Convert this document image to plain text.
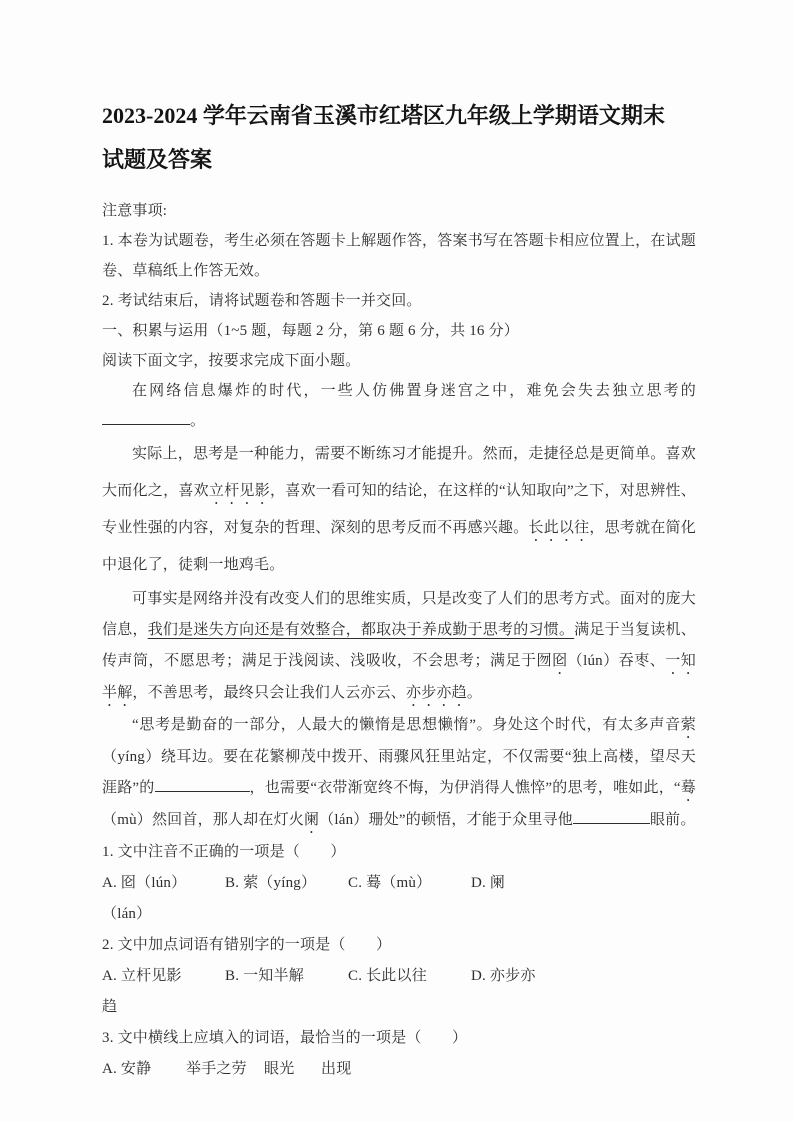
2023-2024 学年云南省玉溪市红塔区九年级上学期语文期末
试题及答案

注意事项:

1. 本卷为试题卷，考生必须在答题卡上解题作答，答案书写在答题卡相应位置上，在试题卷、草稿纸上作答无效。

2. 考试结束后，请将试题卷和答题卡一并交回。

一、积累与运用（1~5 题，每题 2 分，第 6 题 6 分，共 16 分）

阅读下面文字，按要求完成下面小题。

在网络信息爆炸的时代，一些人仿佛置身迷宫之中，难免会失去独立思考的。

实际上，思考是一种能力，需要不断练习才能提升。然而，走捷径总是更简单。喜欢大而化之，喜欢立杆见影，喜欢一看可知的结论，在这样的“认知取向”之下，对思辨性、专业性强的内容，对复杂的哲理、深刻的思考反而不再感兴趣。长此以往，思考就在简化中退化了，徒剩一地鸡毛。

可事实是网络并没有改变人们的思维实质，只是改变了人们的思考方式。面对的庞大信息，我们是迷失方向还是有效整合，都取决于养成勤于思考的习惯。满足于当复读机、传声筒，不愿思考；满足于浅阅读、浅吸收，不会思考；满足于囫囵（lún）吞枣、一知半解，不善思考，最终只会让我们人云亦云、亦步亦趋。

“思考是勤奋的一部分，人最大的懒惰是思想懒惰”。身处这个时代，有太多声音萦（yíng）绕耳边。要在花繁柳茂中拨开、雨骤风狂里站定，不仅需要“独上高楼，望尽天涯路”的	，也需要“衣带渐宽终不悔，为伊消得人憔悴”的思考，唯如此，“蓦（mù）然回首，那人却在灯火阑（lán）珊处”的顿悟，才能于众里寻他	眼前。

1. 文中注音不正确的一项是（　　）

A. 囵（lún）	B. 萦（yíng） C. 蓦（mù）	D. 阑

（lán）

2. 文中加点词语有错别字的一项是（　　）

A. 立杆见影	B. 一知半解	C. 长此以往	D. 亦步亦

趋

3. 文中横线上应填入的词语，最恰当的一项是（　　）

A. 安静 举手之劳 眼光 出现
